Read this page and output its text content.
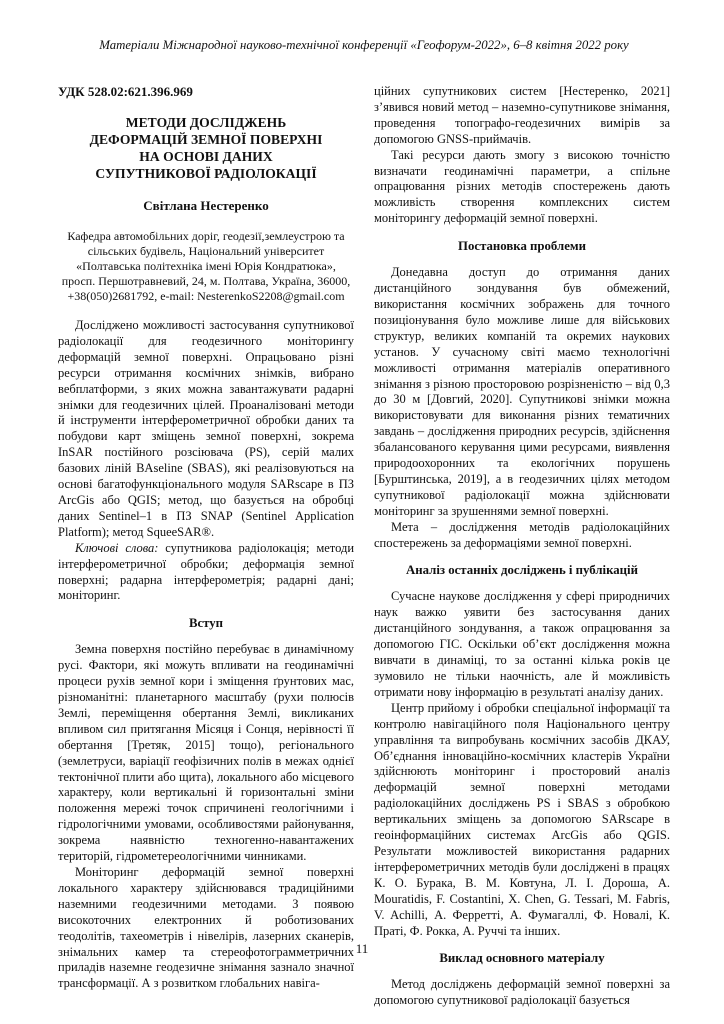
Матеріали Міжнародної науково-технічної конференції «Геофорум-2022», 6–8 квітня 2022 року

УДК 528.02:621.396.969

МЕТОДИ ДОСЛІДЖЕНЬ
ДЕФОРМАЦІЙ ЗЕМНОЇ ПОВЕРХНІ
НА ОСНОВІ ДАНИХ
СУПУТНИКОВОЇ РАДІОЛОКАЦІЇ

Світлана Нестеренко

Кафедра автомобільних доріг, геодезії,землеустрою та сільських будівель, Національний університет «Полтавська політехніка імені Юрія Кондратюка», просп. Першотравневий, 24, м. Полтава, Україна, 36000, +38(050)2681792, e-mail: NesterenkoS2208@gmail.com

Досліджено можливості застосування супутникової радіолокації для геодезичного моніторингу деформацій земної поверхні. Опрацьовано різні ресурси отримання космічних знімків, вибрано вебплатформи, з яких можна завантажувати радарні знімки для геодезичних цілей. Проаналізовані методи й інструменти інтерферометричної обробки даних та побудови карт зміщень земної поверхні, зокрема InSAR постійного розсіювача (PS), серій малих базових ліній BAseline (SBAS), які реалізовуються на основі багатофункціонального модуля SARscape в ПЗ ArcGis або QGIS; метод, що базується на обробці даних Sentinel–1 в ПЗ SNAP (Sentinel Application Platform); метод SqueeSAR®.

Ключові слова: супутникова радіолокація; методи інтерферометричної обробки; деформація земної поверхні; радарна інтерферометрія; радарні дані; моніторинг.

Вступ

Земна поверхня постійно перебуває в динамічному русі. Фактори, які можуть впливати на геодинамічні процеси рухів земної кори і зміщення ґрунтових мас, різноманітні: планетарного масштабу (рухи полюсів Землі, переміщення обертання Землі, викликаних впливом сил притягання Місяця і Сонця, нерівності її обертання [Третяк, 2015] тощо), регіонального (землетруси, варіації геофізичних полів в межах однієї тектонічної плити або щита), локального або місцевого характеру, коли вертикальні й горизонтальні зміни положення мережі точок спричинені геологічними і гідрологічними умовами, особливостями районування, зокрема наявністю техногенно-навантажених територій, гідрометереологічними чинниками.

Моніторинг деформацій земної поверхні локального характеру здійснювався традиційними наземними геодезичними методами. З появою високоточних електронних й роботизованих теодолітів, тахеометрів і нівелірів, лазерних сканерів, знімальних камер та стереофотограмметричних приладів наземне геодезичне знімання зазнало значної трансформації. А з розвитком глобальних навіга-

ційних супутникових систем [Нестеренко, 2021] з’явився новий метод – наземно-супутникове знімання, проведення топографо-геодезичних вимірів за допомогою GNSS-приймачів.

Такі ресурси дають змогу з високою точністю визначати геодинамічні параметри, а спільне опрацювання різних методів спостережень дають можливість створення комплексних систем моніторингу деформацій земної поверхні.

Постановка проблеми

Донедавна доступ до отримання даних дистанційного зондування був обмежений, використання космічних зображень для точного позиціонування було можливе лише для військових структур, великих компаній та окремих наукових установ. У сучасному світі маємо технологічні можливості отримання матеріалів оперативного знімання з різною просторовою розрізненістю – від 0,3 до 30 м [Довгий, 2020]. Супутникові знімки можна використовувати для виконання різних тематичних завдань – дослідження природних ресурсів, здійснення збалансованого керування цими ресурсами, виявлення природоохоронних та екологічних порушень [Бурштинська, 2019], а в геодезичних цілях методом супутникової радіолокації можна здійснювати моніторинг за зрушеннями земної поверхні.

Мета – дослідження методів радіолокаційних спостережень за деформаціями земної поверхні.

Аналіз останніх досліджень і публікацій

Сучасне наукове дослідження у сфері природничих наук важко уявити без застосування даних дистанційного зондування, а також опрацювання за допомогою ГІС. Оскільки об’єкт дослідження можна вивчати в динаміці, то за останні кілька років це зумовило не тільки наочність, але й можливість отримати нову інформацію в результаті аналізу даних.

Центр прийому і обробки спеціальної інформації та контролю навігаційного поля Національного центру управління та випробувань космічних засобів ДКАУ, Об’єднання інноваційно-космічних кластерів України здійснюють моніторинг і просторовий аналіз деформацій земної поверхні методами радіолокаційних досліджень PS і SBAS з обробкою вертикальних зміщень за допомогою SARscape в геоінформаційних системах ArcGis або QGIS. Результати можливостей використання радарних інтерферометричних методів були досліджені в працях К. О. Бурака, В. М. Ковтуна, Л. І. Дороша, A. Mouratidis, F. Costantini, X. Chen, G. Tessari, M. Fabris, V. Achilli, А. Ферретті, А. Фумагаллі, Ф. Новалі, К. Праті, Ф. Рокка, А. Руччі та інших.

Виклад основного матеріалу

Метод досліджень деформацій земної поверхні за допомогою супутникової радіолокації базується

11
